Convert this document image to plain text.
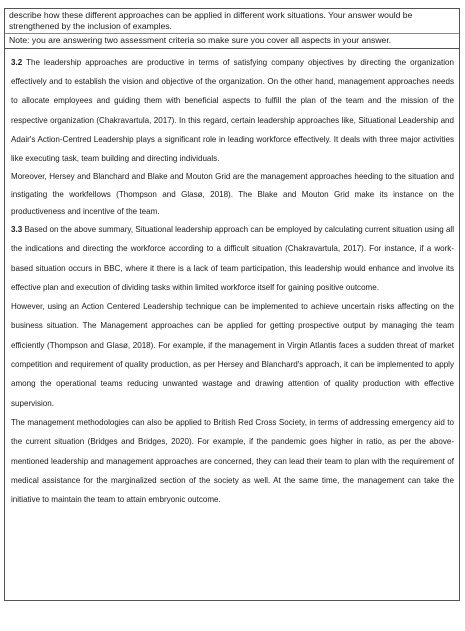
describe how these different approaches can be applied in different work situations. Your answer would be strengthened by the inclusion of examples.
Note: you are answering two assessment criteria so make sure you cover all aspects in your answer.

3.2 The leadership approaches are productive in terms of satisfying company objectives by directing the organization effectively and to establish the vision and objective of the organization. On the other hand, management approaches needs to allocate employees and guiding them with beneficial aspects to fulfill the plan of the team and the mission of the respective organization (Chakravartula, 2017). In this regard, certain leadership approaches like, Situational Leadership and Adair's Action-Centred Leadership plays a significant role in leading workforce effectively. It deals with three major activities like executing task, team building and directing individuals.

Moreover, Hersey and Blanchard and Blake and Mouton Grid are the management approaches heeding to the situation and instigating the workfellows (Thompson and Glasø, 2018). The Blake and Mouton Grid make its instance on the productiveness and incentive of the team.

3.3 Based on the above summary, Situational leadership approach can be employed by calculating current situation using all the indications and directing the workforce according to a difficult situation (Chakravartula, 2017). For instance, if a work-based situation occurs in BBC, where it there is a lack of team participation, this leadership would enhance and involve its effective plan and execution of dividing tasks within limited workforce itself for gaining positive outcome.

However, using an Action Centered Leadership technique can be implemented to achieve uncertain risks affecting on the business situation. The Management approaches can be applied for getting prospective output by managing the team efficiently (Thompson and Glasø, 2018). For example, if the management in Virgin Atlantis faces a sudden threat of market competition and requirement of quality production, as per Hersey and Blanchard's approach, it can be implemented to apply among the operational teams reducing unwanted wastage and drawing attention of quality production with effective supervision.

The management methodologies can also be applied to British Red Cross Society, in terms of addressing emergency aid to the current situation (Bridges and Bridges, 2020). For example, if the pandemic goes higher in ratio, as per the above-mentioned leadership and management approaches are concerned, they can lead their team to plan with the requirement of medical assistance for the marginalized section of the society as well. At the same time, the management can take the initiative to maintain the team to attain embryonic outcome.
